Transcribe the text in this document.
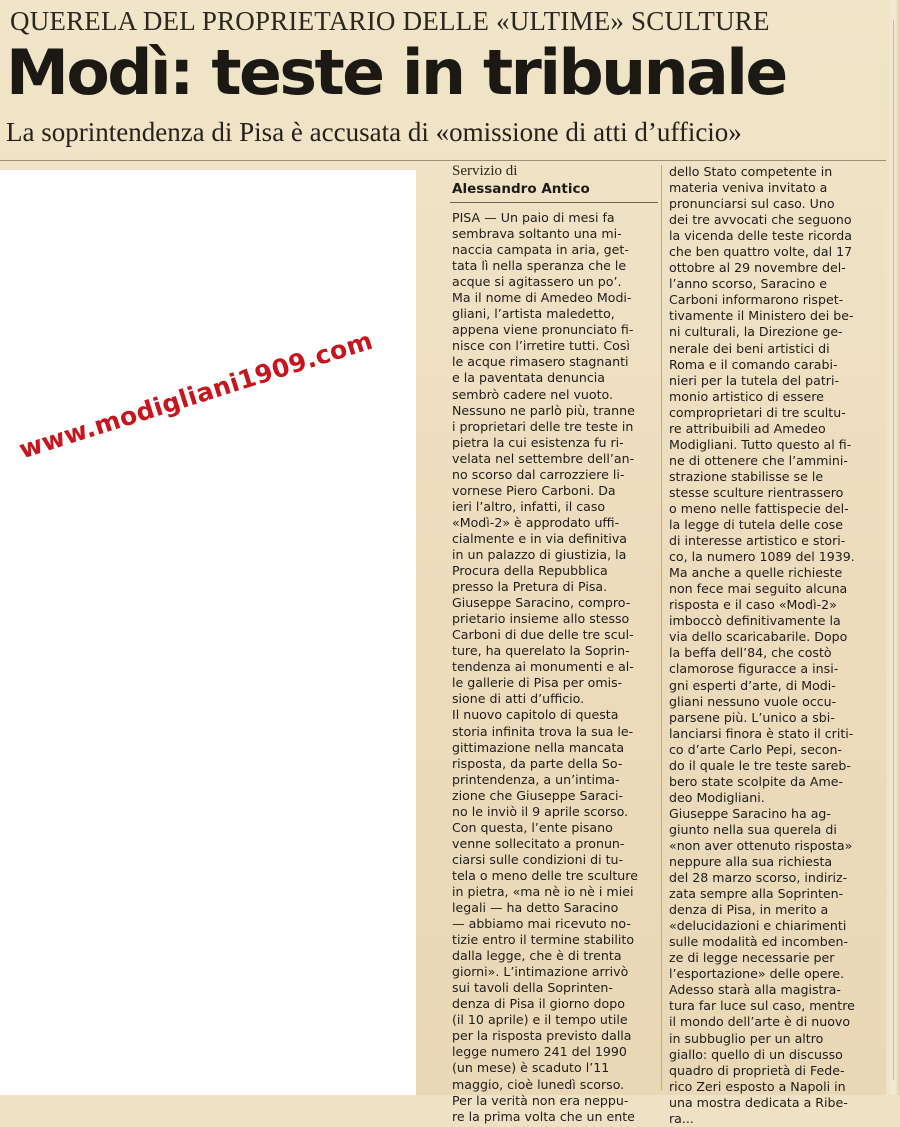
QUERELA DEL PROPRIETARIO DELLE «ULTIME» SCULTURE
Modì: teste in tribunale
La soprintendenza di Pisa è accusata di «omissione di atti d’ufficio»
www.modigliani1909.com
Servizio di
Alessandro Antico
PISA — Un paio di mesi fa
sembrava soltanto una mi-
naccia campata in aria, get-
tata lì nella speranza che le
acque si agitassero un po’.
Ma il nome di Amedeo Modi-
gliani, l’artista maledetto,
appena viene pronunciato fi-
nisce con l’irretire tutti. Così
le acque rimasero stagnanti
e la paventata denuncia
sembrò cadere nel vuoto.
Nessuno ne parlò più, tranne
i proprietari delle tre teste in
pietra la cui esistenza fu ri-
velata nel settembre dell’an-
no scorso dal carrozziere li-
vornese Piero Carboni. Da
ieri l’altro, infatti, il caso
«Modì-2» è approdato uffi-
cialmente e in via definitiva
in un palazzo di giustizia, la
Procura della Repubblica
presso la Pretura di Pisa.
Giuseppe Saracino, compro-
prietario insieme allo stesso
Carboni di due delle tre scul-
ture, ha querelato la Soprin-
tendenza ai monumenti e al-
le gallerie di Pisa per omis-
sione di atti d’ufficio.
Il nuovo capitolo di questa
storia infinita trova la sua le-
gittimazione nella mancata
risposta, da parte della So-
printendenza, a un’intima-
zione che Giuseppe Saraci-
no le inviò il 9 aprile scorso.
Con questa, l’ente pisano
venne sollecitato a pronun-
ciarsi sulle condizioni di tu-
tela o meno delle tre sculture
in pietra, «ma nè io nè i miei
legali — ha detto Saracino
— abbiamo mai ricevuto no-
tizie entro il termine stabilito
dalla legge, che è di trenta
giorni». L’intimazione arrivò
sui tavoli della Soprinten-
denza di Pisa il giorno dopo
(il 10 aprile) e il tempo utile
per la risposta previsto dalla
legge numero 241 del 1990
(un mese) è scaduto l’11
maggio, cioè lunedì scorso.
Per la verità non era neppu-
re la prima volta che un ente
dello Stato competente in
materia veniva invitato a
pronunciarsi sul caso. Uno
dei tre avvocati che seguono
la vicenda delle teste ricorda
che ben quattro volte, dal 17
ottobre al 29 novembre del-
l’anno scorso, Saracino e
Carboni informarono rispet-
tivamente il Ministero dei be-
ni culturali, la Direzione ge-
nerale dei beni artistici di
Roma e il comando carabi-
nieri per la tutela del patri-
monio artistico di essere
comproprietari di tre scultu-
re attribuibili ad Amedeo
Modigliani. Tutto questo al fi-
ne di ottenere che l’ammini-
strazione stabilisse se le
stesse sculture rientrassero
o meno nelle fattispecie del-
la legge di tutela delle cose
di interesse artistico e stori-
co, la numero 1089 del 1939.
Ma anche a quelle richieste
non fece mai seguito alcuna
risposta e il caso «Modì-2»
imboccò definitivamente la
via dello scaricabarile. Dopo
la beffa dell’84, che costò
clamorose figuracce a insi-
gni esperti d’arte, di Modi-
gliani nessuno vuole occu-
parsene più. L’unico a sbi-
lanciarsi finora è stato il criti-
co d’arte Carlo Pepi, secon-
do il quale le tre teste sareb-
bero state scolpite da Ame-
deo Modigliani.
Giuseppe Saracino ha ag-
giunto nella sua querela di
«non aver ottenuto risposta»
neppure alla sua richiesta
del 28 marzo scorso, indiriz-
zata sempre alla Soprinten-
denza di Pisa, in merito a
«delucidazioni e chiarimenti
sulle modalità ed incomben-
ze di legge necessarie per
l’esportazione» delle opere.
Adesso starà alla magistra-
tura far luce sul caso, mentre
il mondo dell’arte è di nuovo
in subbuglio per un altro
giallo: quello di un discusso
quadro di proprietà di Fede-
rico Zeri esposto a Napoli in
una mostra dedicata a Ribe-
ra...
